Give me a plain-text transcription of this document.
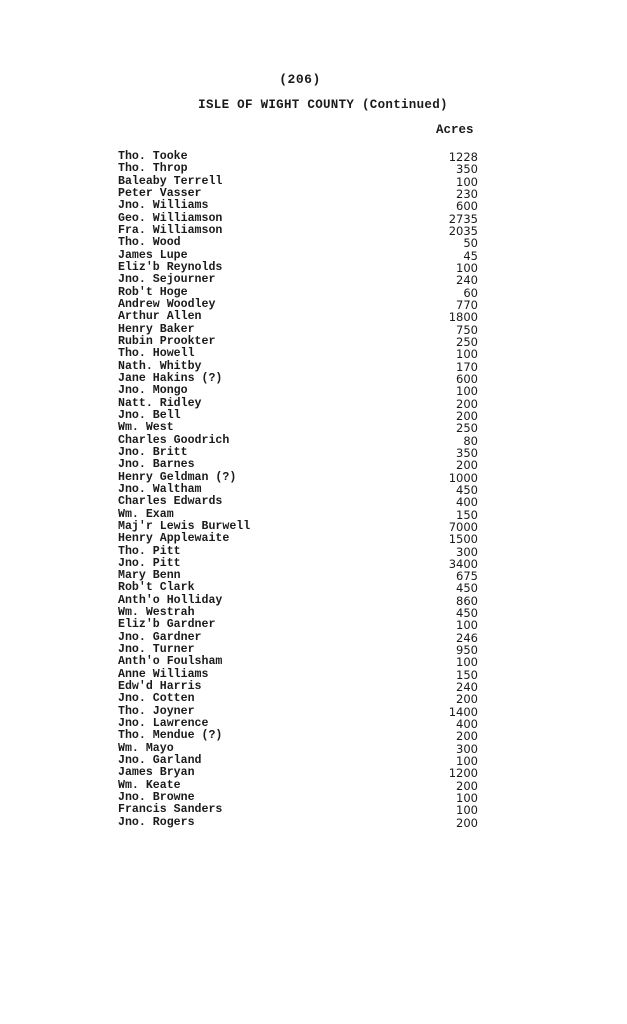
(206)
ISLE OF WIGHT COUNTY (Continued)
Acres
Tho. Tooke	1228
Tho. Throp	350
Baleaby Terrell	100
Peter Vasser	230
Jno. Williams	600
Geo. Williamson	2735
Fra. Williamson	2035
Tho. Wood	50
James Lupe	45
Eliz'b Reynolds	100
Jno. Sejourner	240
Rob't Hoge	60
Andrew Woodley	770
Arthur Allen	1800
Henry Baker	750
Rubin Prookter	250
Tho. Howell	100
Nath. Whitby	170
Jane Hakins (?)	600
Jno. Mongo	100
Natt. Ridley	200
Jno. Bell	200
Wm. West	250
Charles Goodrich	80
Jno. Britt	350
Jno. Barnes	200
Henry Geldman (?)	1000
Jno. Waltham	450
Charles Edwards	400
Wm. Exam	150
Maj'r Lewis Burwell	7000
Henry Applewaite	1500
Tho. Pitt	300
Jno. Pitt	3400
Mary Benn	675
Rob't Clark	450
Anth'o Holliday	860
Wm. Westrah	450
Eliz'b Gardner	100
Jno. Gardner	246
Jno. Turner	950
Anth'o Foulsham	100
Anne Williams	150
Edw'd Harris	240
Jno. Cotten	200
Tho. Joyner	1400
Jno. Lawrence	400
Tho. Mendue (?)	200
Wm. Mayo	300
Jno. Garland	100
James Bryan	1200
Wm. Keate	200
Jno. Browne	100
Francis Sanders	100
Jno. Rogers	200
